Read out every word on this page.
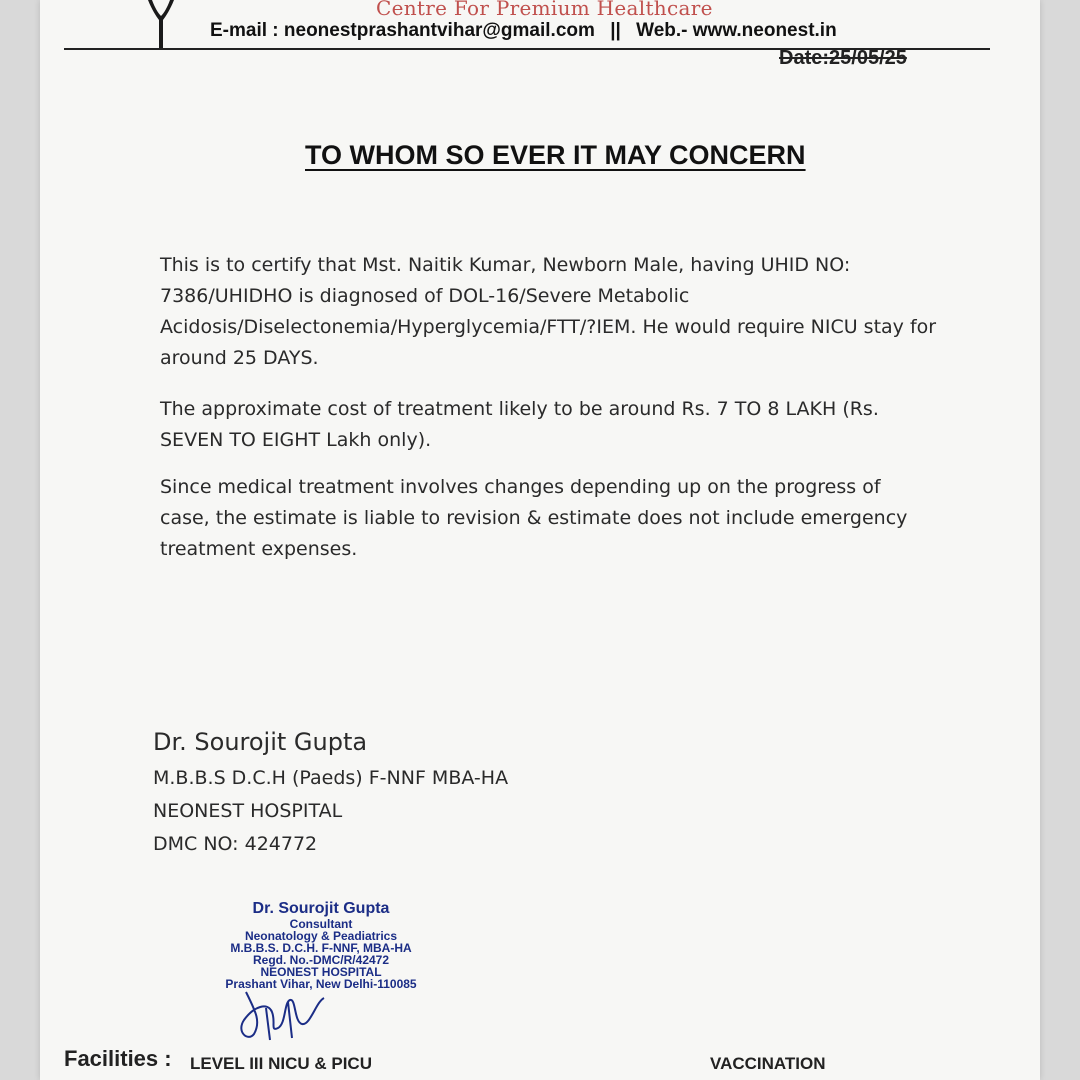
Centre For Premium Healthcare
E-mail : neonestprashantvihar@gmail.com || Web.- www.neonest.in
Date:25/05/25
TO WHOM SO EVER IT MAY CONCERN

This is to certify that Mst. Naitik Kumar, Newborn Male, having UHID NO: 7386/UHIDHO is diagnosed of DOL-16/Severe Metabolic Acidosis/Diselectonemia/Hyperglycemia/FTT/?IEM. He would require NICU stay for around 25 DAYS.

The approximate cost of treatment likely to be around Rs. 7 TO 8 LAKH (Rs. SEVEN TO EIGHT Lakh only).

Since medical treatment involves changes depending up on the progress of case, the estimate is liable to revision & estimate does not include emergency treatment expenses.

Dr. Sourojit Gupta
M.B.B.S D.C.H (Paeds) F-NNF MBA-HA
NEONEST HOSPITAL
DMC NO: 424772
Dr. Sourojit Gupta
Consultant
Neonatology & Peadiatrics
M.B.B.S. D.C.H. F-NNF, MBA-HA
Regd. No.-DMC/R/42472
NEONEST HOSPITAL
Prashant Vihar, New Delhi-110085
Facilities : LEVEL III NICU & PICU	VACCINATION
